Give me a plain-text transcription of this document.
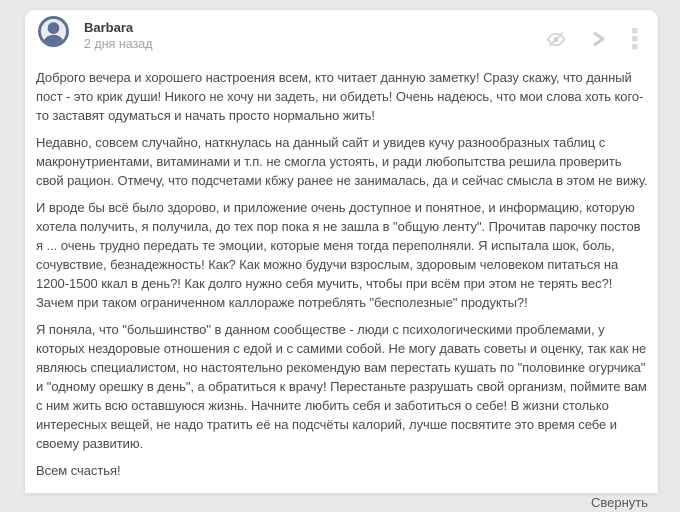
Barbara
2 дня назад

Доброго вечера и хорошего настроения всем, кто читает данную заметку! Сразу скажу, что данный пост - это крик души! Никого не хочу ни задеть, ни обидеть! Очень надеюсь, что мои слова хоть кого-то заставят одуматься и начать просто нормально жить!

Недавно, совсем случайно, наткнулась на данный сайт и увидев кучу разнообразных таблиц с макронутриентами, витаминами и т.п. не смогла устоять, и ради любопытства решила проверить свой рацион. Отмечу, что подсчетами кбжу ранее не занималась, да и сейчас смысла в этом не вижу.

И вроде бы всё было здорово, и приложение очень доступное и понятное, и информацию, которую хотела получить, я получила, до тех пор пока я не зашла в "общую ленту". Прочитав парочку постов я ... очень трудно передать те эмоции, которые меня тогда переполняли. Я испытала шок, боль, сочувствие, безнадежность! Как? Как можно будучи взрослым, здоровым человеком питаться на 1200-1500 ккал в день?! Как долго нужно себя мучить, чтобы при всём при этом не терять вес?! Зачем при таком ограниченном каллораже потреблять "бесполезные" продукты?!

Я поняла, что "большинство" в данном сообществе - люди с психологическими проблемами, у которых нездоровые отношения с едой и с самими собой. Не могу давать советы и оценку, так как не являюсь специалистом, но настоятельно рекомендую вам перестать кушать по "половинке огурчика" и "одному орешку в день", а обратиться к врачу! Перестаньте разрушать свой организм, поймите вам с ним жить всю оставшуюся жизнь. Начните любить себя и заботиться о себе! В жизни столько интересных вещей, не надо тратить её на подсчёты калорий, лучше посвятите это время себе и своему развитию.

Всем счастья!

Свернуть
